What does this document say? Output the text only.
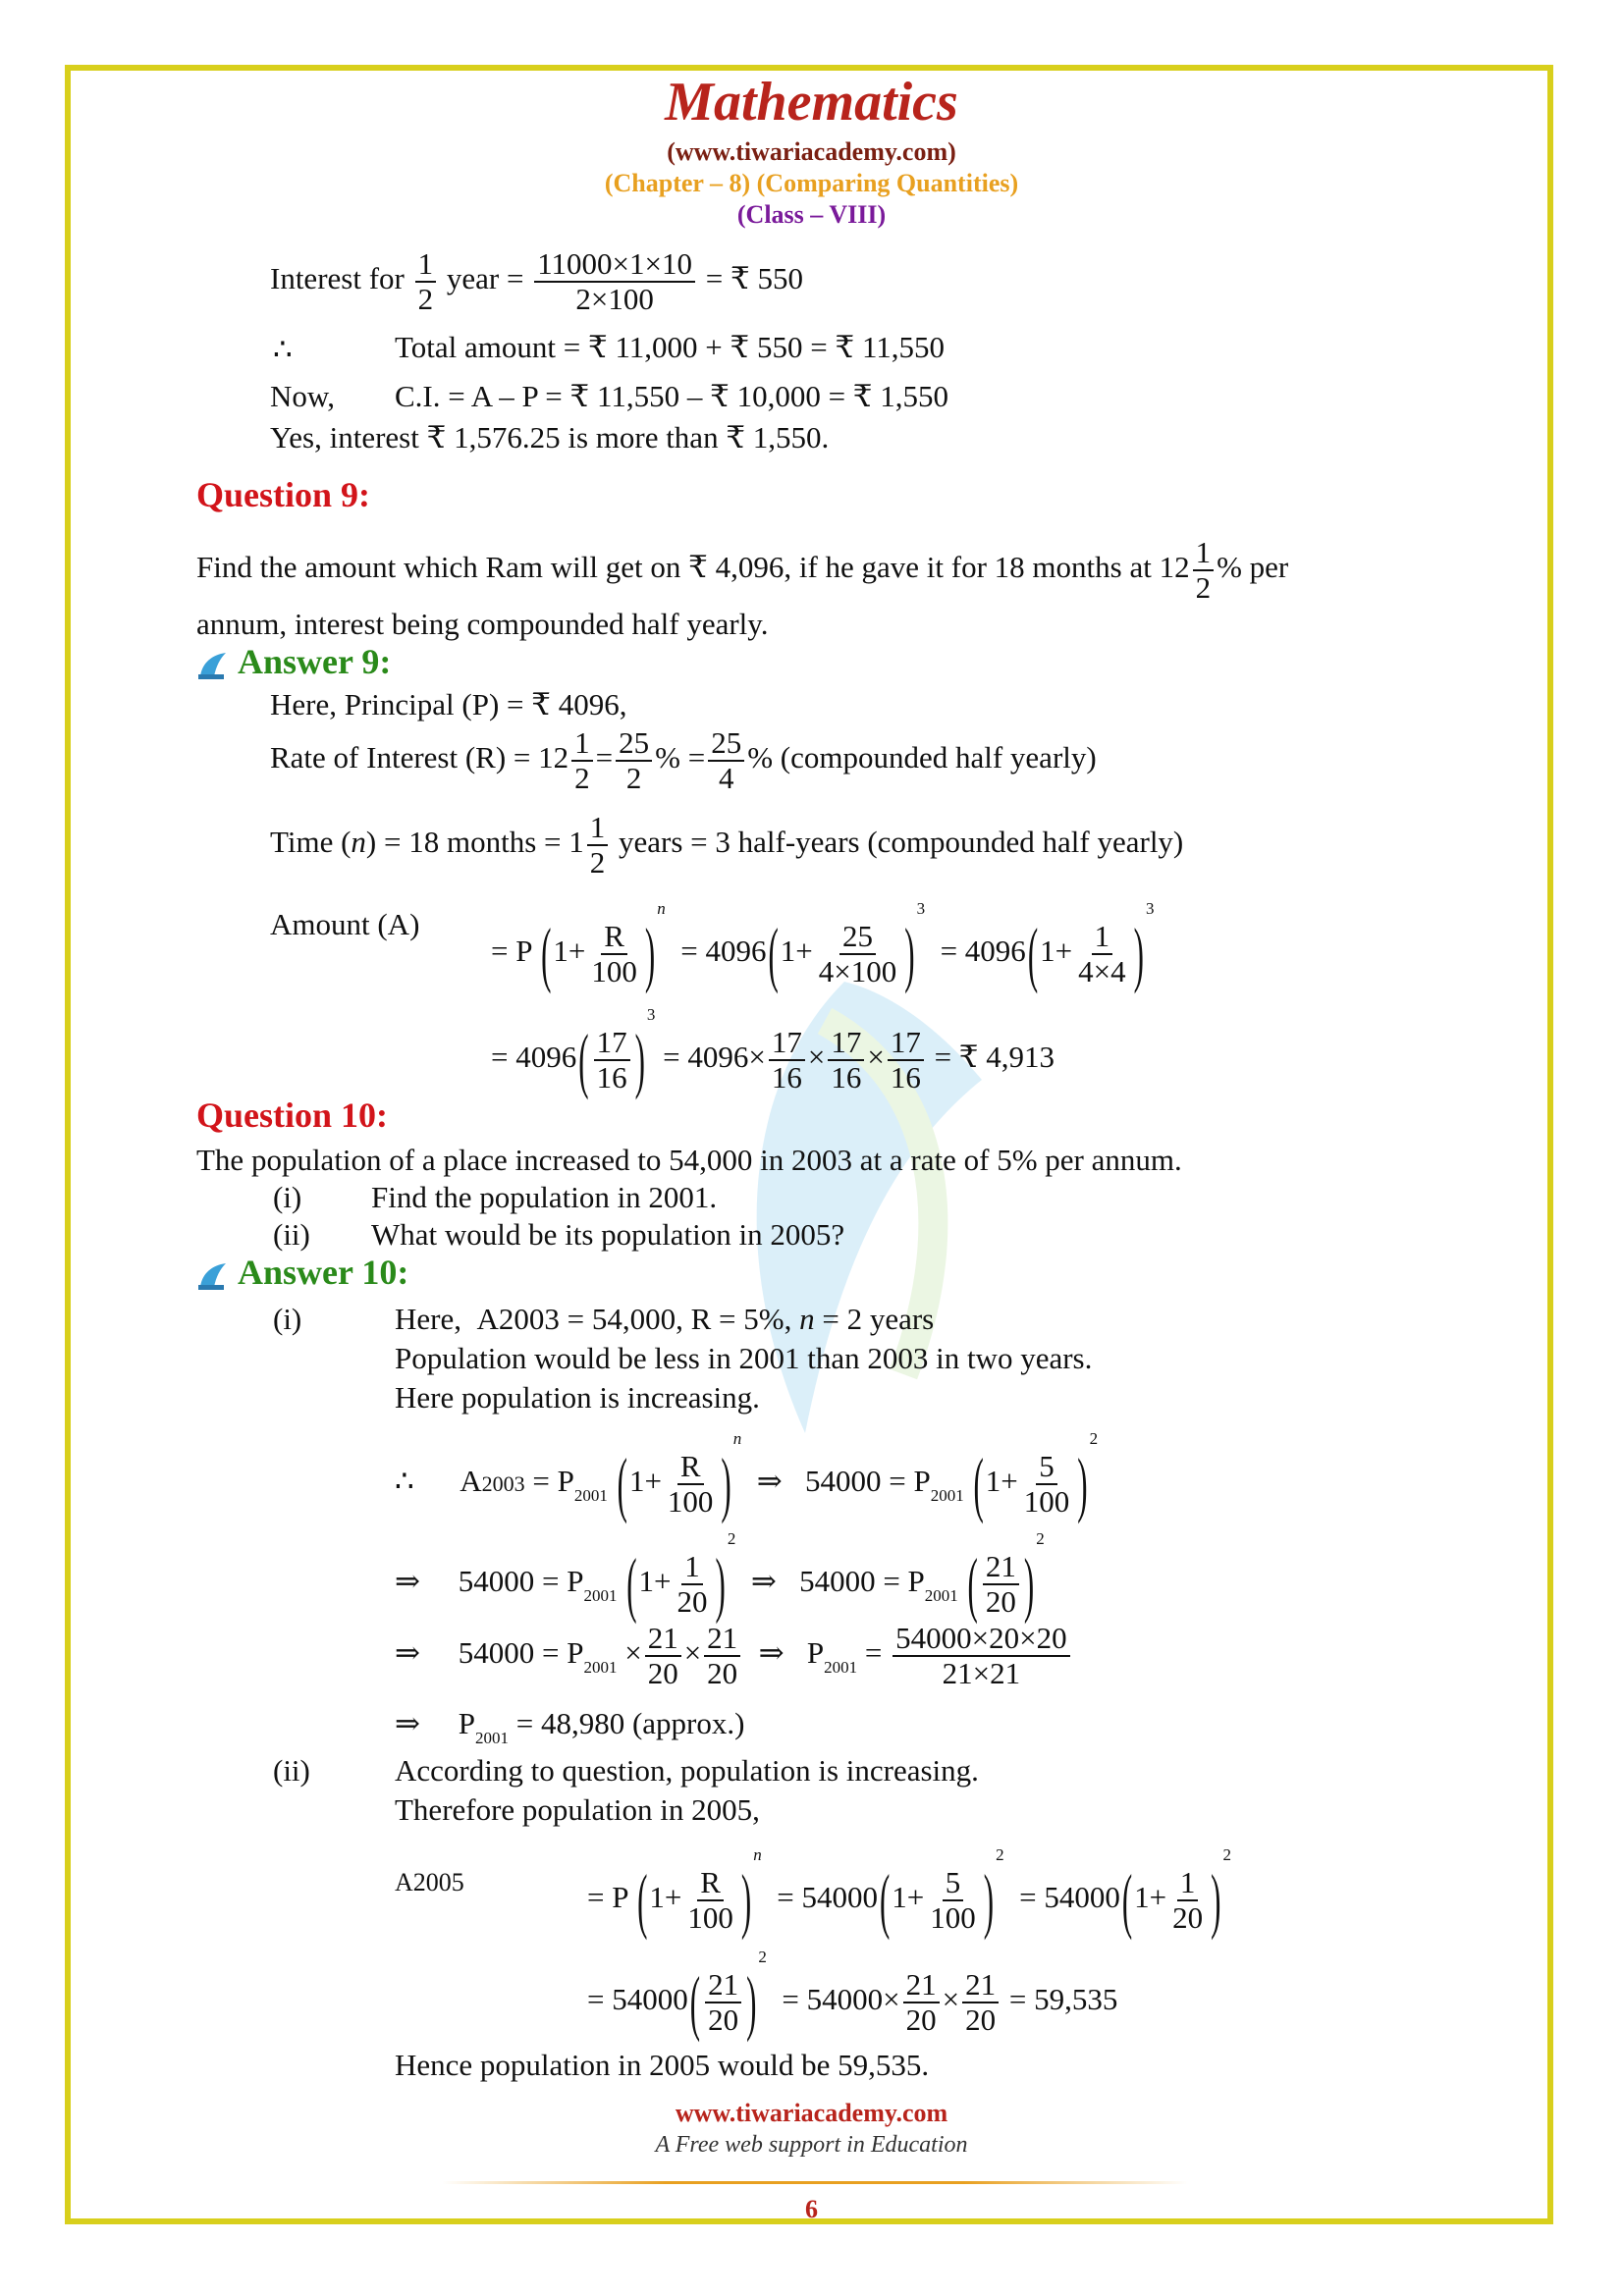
Mathematics
(www.tiwariacademy.com)
(Chapter – 8) (Comparing Quantities)
(Class – VIII)
Interest for $\frac{1}{2}$ year = $\frac{11000\times 1\times 10}{2\times 100}$ = ₹ 550
∴	Total amount = ₹ 11,000 + ₹ 550 = ₹ 11,550
Now, C.I. = A – P = ₹ 11,550 – ₹ 10,000 = ₹ 1,550
Yes, interest ₹ 1,576.25 is more than ₹ 1,550.
Question 9:
Find the amount which Ram will get on ₹ 4,096, if he gave it for 18 months at $12 \frac{1}{2}$ % per
annum, interest being compounded half yearly.
Answer 9:
Here, Principal (P) = ₹ 4096,
Rate of Interest $(R) = 12 \frac{1}{2} = \frac{25}{2}$ % = $\frac{25}{4}$ % (compounded half yearly)
Time (n) = 18 months = $1 \frac{1}{2}$ years = 3 half-years (compounded half yearly)
Amount (A)
= P $(1+ \frac{R}{100} )^n = 4096(1+ \frac{25}{4\times 100} )^3 = 4096(1+ \frac{1}{4\times 4} )^3$
= $4096( \frac{17}{16} )^3 = 4096\times \frac{17}{16} \times \frac{17}{16} \times \frac{17}{16}$ = ₹ 4,913
Question 10:
The population of a place increased to 54,000 in 2003 at a rate of 5% per annum.
(i) Find the population in 2001.
(ii) What would be its population in 2005?
Answer 10:
(i)	Here, A2003 = 54,000, R = 5%, n = 2 years
Population would be less in 2001 than 2003 in two years.
Here population is increasing.
∴      $A2003 = P_{2001}$ $(1+ \frac{R}{100} )^n$  ⇒   $54000 = P_{2001}$ $(1+ \frac{5}{100} )^2$
⇒     $54000 = P_{2001}$ $(1+ \frac{1}{20} )^2$  ⇒   $54000 = P_{2001}$ ( $\frac{21}{20} )^2$
⇒     $54000 = P_{2001} \times \frac{21}{20} \times \frac{21}{20}$ ⇒   $P_{2001} = \frac{54000\times 20\times 20}{21\times 21}$
⇒     $P_{2001} = 48,980$ (approx.)
(ii)	According to question, population is increasing.
Therefore population in 2005,
A2005	= P $(1+ \frac{R}{100} )^n = 54000(1+ \frac{5}{100} )^2 = 54000(1+ \frac{1}{20} )^2$
= $54000( \frac{21}{20} )^2 = 54000\times \frac{21}{20} \times \frac{21}{20} = 59,535$
Hence population in 2005 would be 59,535.
www.tiwariacademy.com
A Free web support in Education
6
